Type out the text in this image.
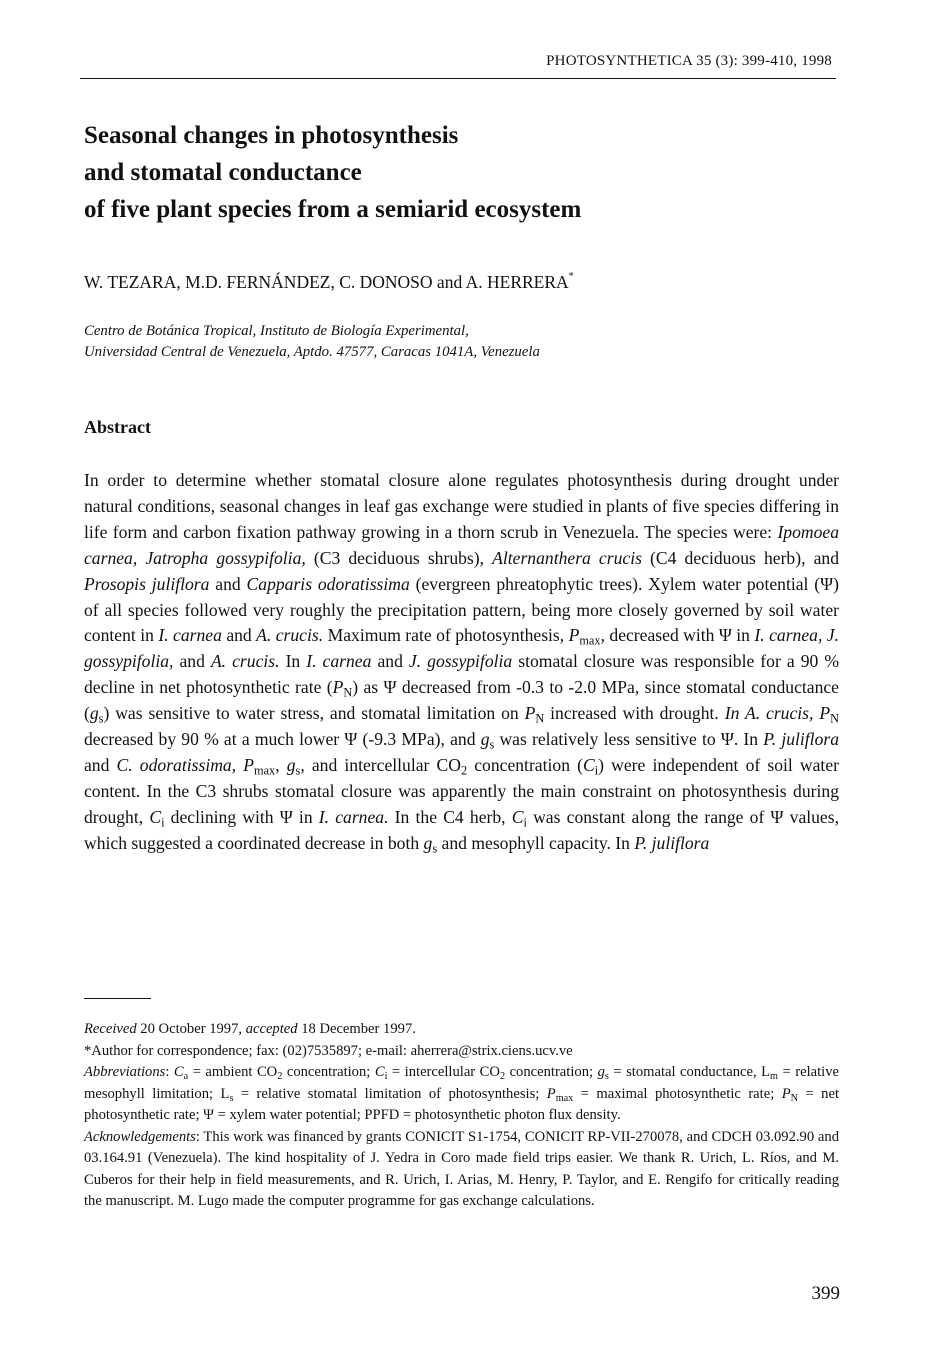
PHOTOSYNTHETICA 35 (3): 399-410, 1998
Seasonal changes in photosynthesis
and stomatal conductance
of five plant species from a semiarid ecosystem
W. TEZARA, M.D. FERNÁNDEZ, C. DONOSO and A. HERRERA*
Centro de Botánica Tropical, Instituto de Biología Experimental,
Universidad Central de Venezuela, Aptdo. 47577, Caracas 1041A, Venezuela
Abstract

In order to determine whether stomatal closure alone regulates photosynthesis during drought under natural conditions, seasonal changes in leaf gas exchange were studied in plants of five species differing in life form and carbon fixation pathway growing in a thorn scrub in Venezuela. The species were: Ipomoea carnea, Jatropha gossypifolia, (C3 deciduous shrubs), Alternanthera crucis (C4 deciduous herb), and Prosopis juliflora and Capparis odoratissima (evergreen phreatophytic trees). Xylem water potential (Ψ) of all species followed very roughly the precipitation pattern, being more closely governed by soil water content in I. carnea and A. crucis. Maximum rate of photosynthesis, $P_{max}$, decreased with Ψ in I. carnea, J. gossypifolia, and A. crucis. In I. carnea and J. gossypifolia stomatal closure was responsible for a 90 % decline in net photosynthetic rate $(P_N)$ as Ψ decreased from -0.3 to -2.0 MPa, since stomatal conductance $(g_s)$ was sensitive to water stress, and stomatal limitation on $P_N$ increased with drought. In A. crucis, $P_N$ decreased by 90 % at a much lower Ψ (-9.3 MPa), and $g_s$ was relatively less sensitive to Ψ. In P. juliflora and C. odoratissima, $P_{max}$, $g_s$, and intercellular $CO_2$ concentration $(C_i)$ were independent of soil water content. In the C3 shrubs stomatal closure was apparently the main constraint on photosynthesis during drought, $C_i$ declining with Ψ in I. carnea. In the C4 herb, $C_i$ was constant along the range of Ψ values, which suggested a coordinated decrease in both $g_s$ and mesophyll capacity. In P. juliflora

Received 20 October 1997, accepted 18 December 1997.

*Author for correspondence; fax: (02)7535897; e-mail: aherrera@strix.ciens.ucv.ve

Abbreviations: $C_a$ = ambient $CO_2$ concentration; $C_i$ = intercellular $CO_2$ concentration; $g_s$ = stomatal conductance, $L_m$ = relative mesophyll limitation; $L_s$ = relative stomatal limitation of photosynthesis; $P_{max}$ = maximal photosynthetic rate; $P_N$ = net photosynthetic rate; Ψ = xylem water potential; PPFD = photosynthetic photon flux density.

Acknowledgements: This work was financed by grants CONICIT S1-1754, CONICIT RP-VII-270078, and CDCH 03.092.90 and 03.164.91 (Venezuela). The kind hospitality of J. Yedra in Coro made field trips easier. We thank R. Urich, L. Ríos, and M. Cuberos for their help in field measurements, and R. Urich, I. Arias, M. Henry, P. Taylor, and E. Rengifo for critically reading the manuscript. M. Lugo made the computer programme for gas exchange calculations.

399
